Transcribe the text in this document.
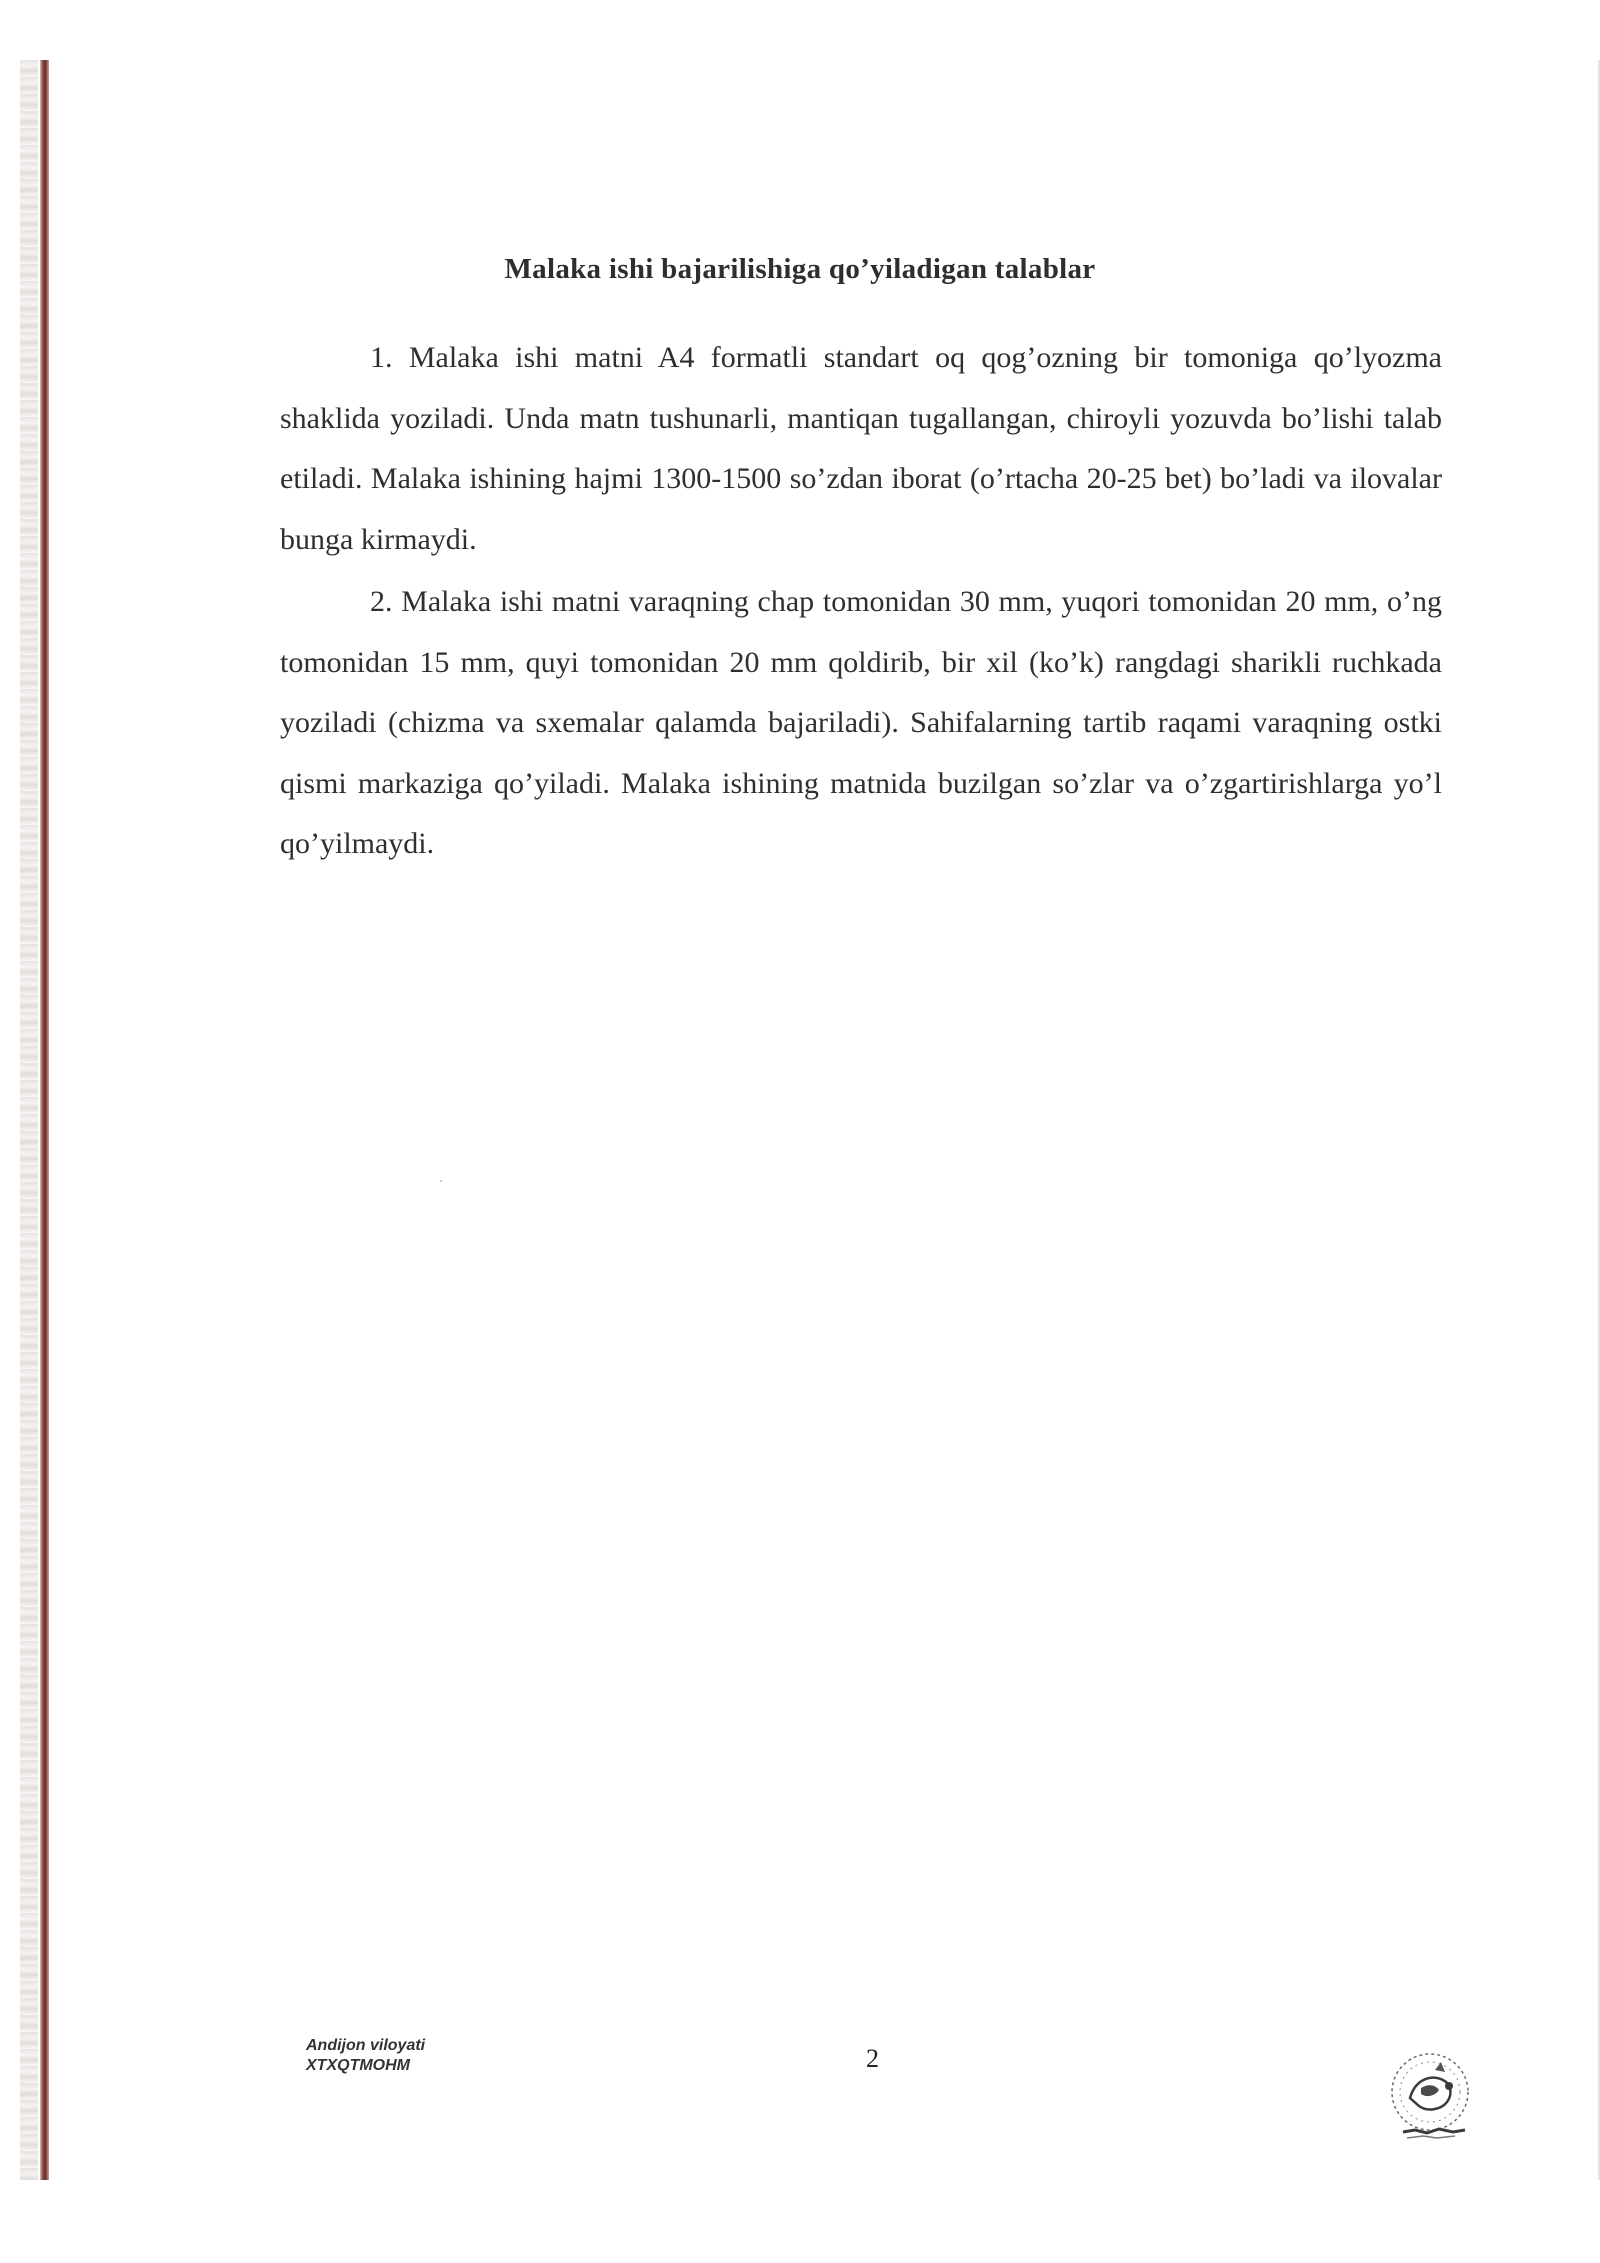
Malaka ishi bajarilishiga qo’yiladigan talablar

1. Malaka ishi matni A4 formatli standart oq qog’ozning bir tomoniga qo’lyozma shaklida yoziladi. Unda matn tushunarli, mantiqan tugallangan, chiroyli yozuvda bo’lishi talab etiladi. Malaka ishining hajmi 1300-1500 so’zdan iborat (o’rtacha 20-25 bet) bo’ladi va ilovalar bunga kirmaydi.

2. Malaka ishi matni varaqning chap tomonidan 30 mm, yuqori tomonidan 20 mm, o’ng tomonidan 15 mm, quyi tomonidan 20 mm qoldirib, bir xil (ko’k) rangdagi sharikli ruchkada yoziladi (chizma va sxemalar qalamda bajariladi). Sahifalarning tartib raqami varaqning ostki qismi markaziga qo’yiladi. Malaka ishining matnida buzilgan so’zlar va o’zgartirishlarga yo’l qo’yilmaydi.

Andijon viloyati
XTXQTMOHM	2
